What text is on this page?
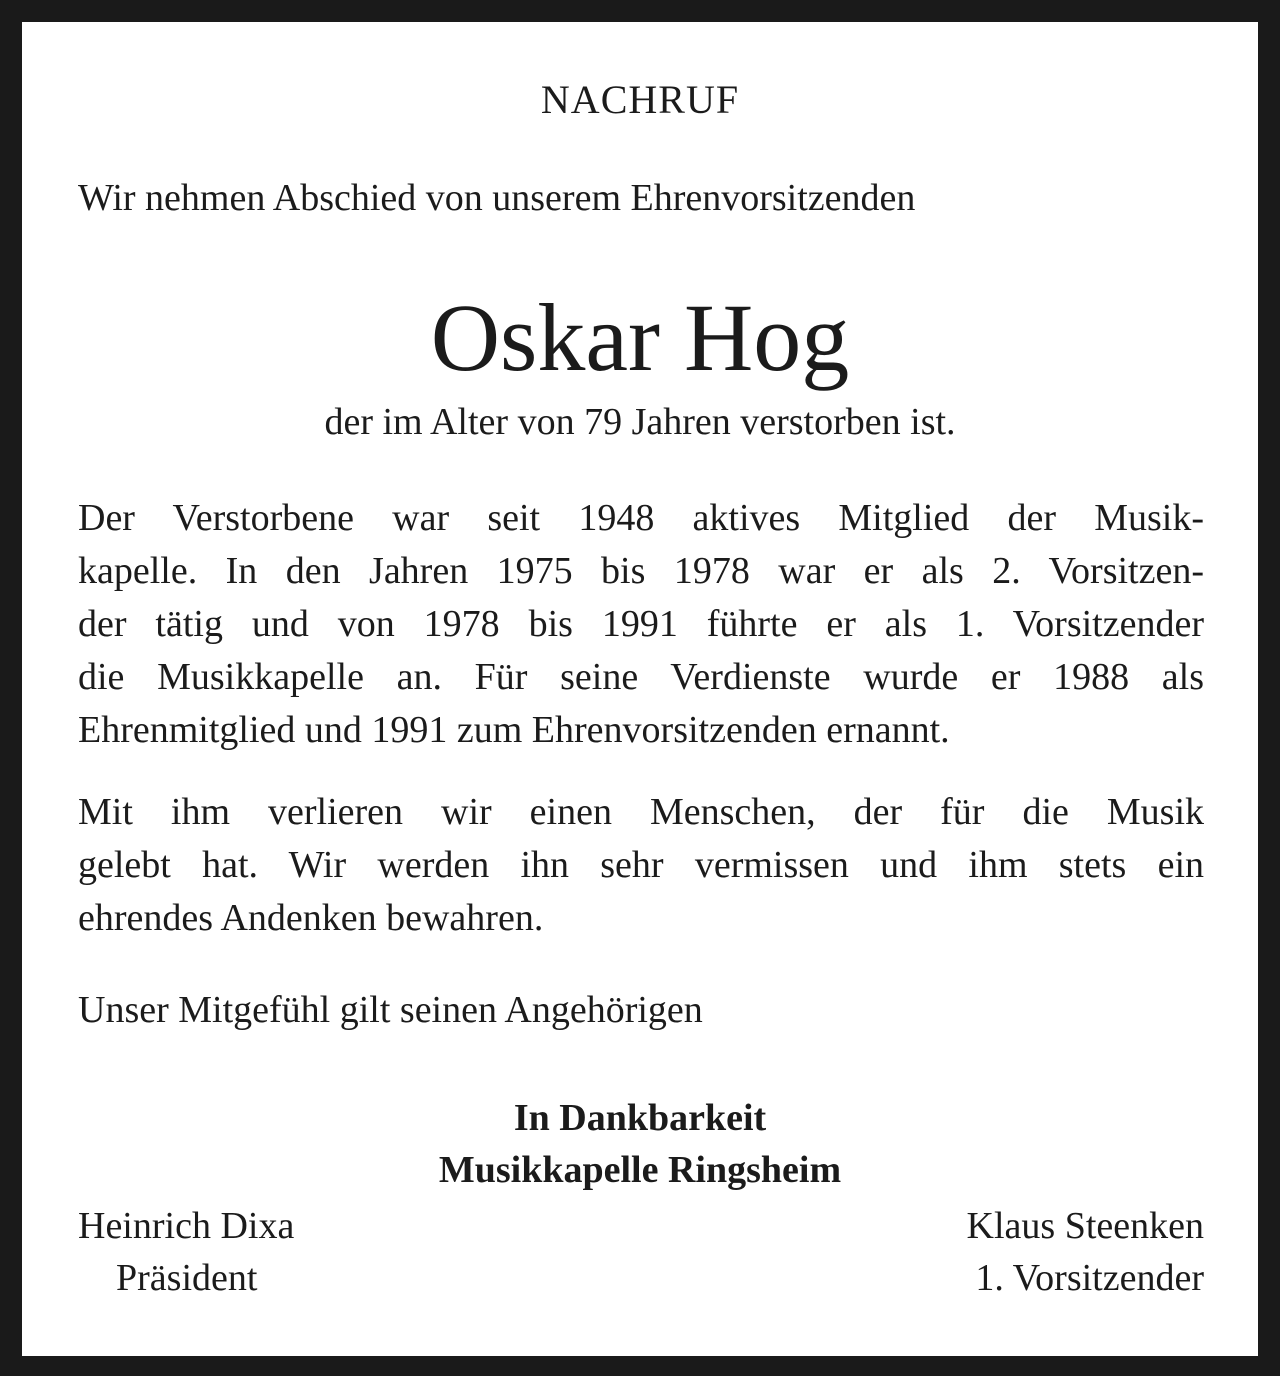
NACHRUF
Wir nehmen Abschied von unserem Ehrenvorsitzenden
Oskar Hog
der im Alter von 79 Jahren verstorben ist.
Der Verstorbene war seit 1948 aktives Mitglied der Musik-
kapelle. In den Jahren 1975 bis 1978 war er als 2. Vorsitzen-
der tätig und von 1978 bis 1991 führte er als 1. Vorsitzender
die Musikkapelle an. Für seine Verdienste wurde er 1988 als
Ehrenmitglied und 1991 zum Ehrenvorsitzenden ernannt.
Mit ihm verlieren wir einen Menschen, der für die Musik
gelebt hat. Wir werden ihn sehr vermissen und ihm stets ein
ehrendes Andenken bewahren.
Unser Mitgefühl gilt seinen Angehörigen
In Dankbarkeit
Musikkapelle Ringsheim
Heinrich Dixa
Präsident
Klaus Steenken
1. Vorsitzender
